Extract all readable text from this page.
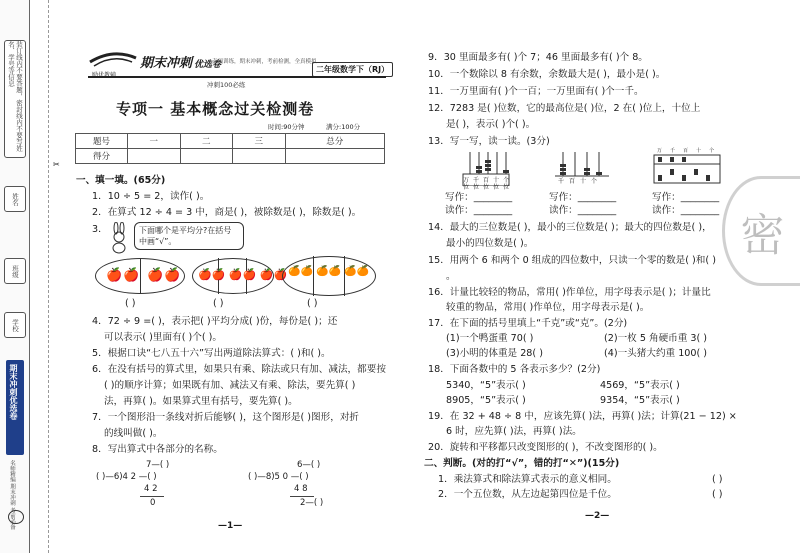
装订线内不要答题，密封线内不要写姓名、学号等信息
姓名
班级
学校
期末冲刺优选卷
名师精编 期末冲刺 考前必备
✂
期末冲刺 优选卷
专项训练，期末冲刺，考前检测，全真模拟
二年级数学下（RJ）
冲刺100必练
专项一 基本概念过关检测卷
时间:90分钟	满分:100分
题号	一	二	三	总分
得分				
一、填一填。(65分)
1．10 ÷ 5 = 2，读作( )。
2．在算式 12 ÷ 4 = 3 中，商是( )，被除数是( )，除数是( )。
3．	下面哪个是平均分?在括号中画“√”。
🍎🍎 🍎🍎 🍎🍎 🍎🍎 🍎🍎 🍊🍊 🍊🍊 🍊🍊
( )	( )	( )
4．72 ÷ 9 =( )，表示把( )平均分成( )份，每份是( )；还
可以表示( )里面有( )个( )。
5．根据口诀“七八五十六”写出两道除法算式：( )和( )。
6．在没有括号的算式里，如果只有乘、除法或只有加、减法，都要按
( )的顺序计算；如果既有加、减法又有乘、除法，要先算( )
法，再算( )。如果算式里有括号，要先算( )。
7．一个图形沿一条线对折后能够( )，这个图形是( )图形，对折
的线叫做( )。
8．写出算式中各部分的名称。
7—( )
( )—6)4 2 —( )
4 2
0
6—( )
( )—8)5 0 —( )
4 8
2—( )
—1—
9．30 里面最多有( )个 7；46 里面最多有( )个 8。
10．一个数除以 8 有余数，余数最大是( )，最小是( )。
11．一万里面有( )个一百；一万里面有( )个一千。
12．7283 是( )位数，它的最高位是( )位，2 在( )位上，十位上
是( )，表示( )个( )。
13．写一写，读一读。(3分)
万千百十个
位位位位位
千百十个
万千百十个
写作：________
读作：________
写作：________
读作：________
写作：________
读作：________
14．最大的三位数是( )，最小的三位数是( )；最大的四位数是( )，
最小的四位数是( )。
15．用两个 6 和两个 0 组成的四位数中，只读一个零的数是( )和( )
。
16．计量比较轻的物品，常用( )作单位，用字母表示是( )；计量比
较重的物品，常用( )作单位，用字母表示是( )。
17．在下面的括号里填上“千克”或“克”。(2分)
(1)一个鸭蛋重 70( )	(2)一枚 5 角硬币重 3( )
(3)小明的体重是 28( )	(4)一头猪大约重 100( )
18．下面各数中的 5 各表示多少？(2分)
5340，“5”表示( )	4569，“5”表示( )
8905，“5”表示( )	9354，“5”表示( )
19．在 32 + 48 ÷ 8 中，应该先算( )法，再算( )法；计算(21 − 12) ×
6 时，应先算( )法，再算( )法。
20．旋转和平移都只改变图形的( )，不改变图形的( )。
二、判断。(对的打“√”，错的打“✕”)(15分)
1．乘法算式和除法算式表示的意义相同。	( )
2．一个五位数，从左边起第四位是千位。	( )
—2—
密
